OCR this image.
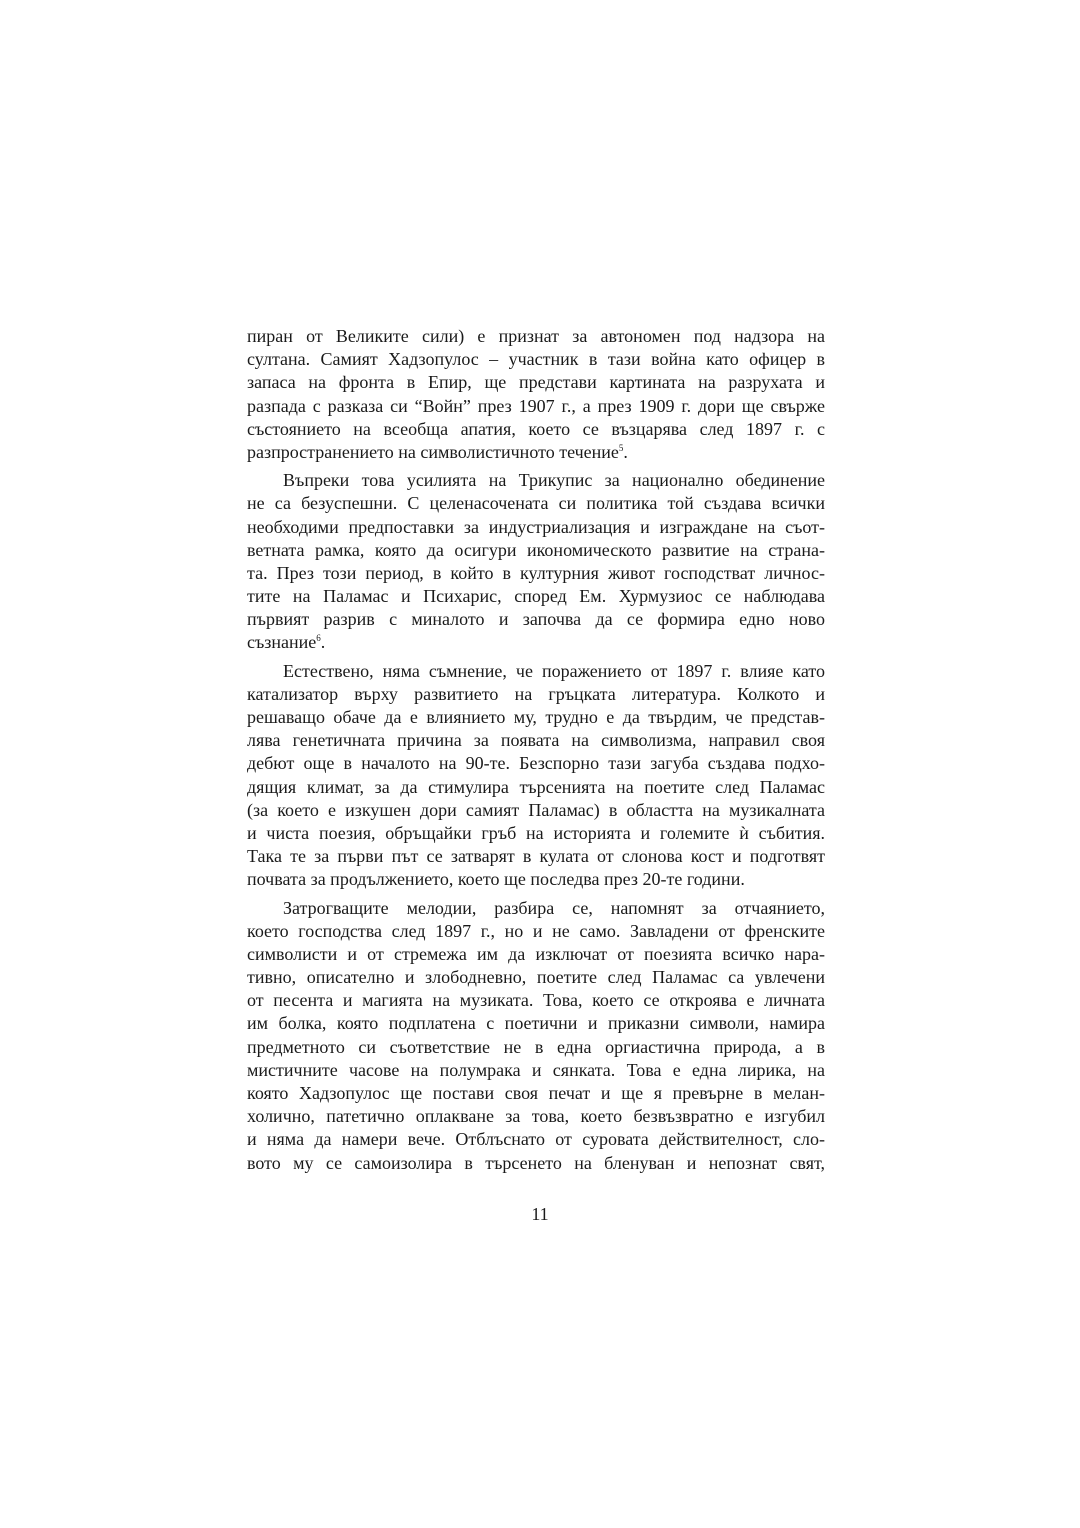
пиран от Великите сили) е признат за автономен под надзора на
султана. Самият Хадзопулос – участник в тази война като офицер в
запаса на фронта в Епир, ще представи картината на разрухата и
разпада с разказа си “Войн” през 1907 г., а през 1909 г. дори ще свърже
състоянието на всеобща апатия, което се възцарява след 1897 г. с
разпространението на символистичното течение$^5$.
Въпреки това усилията на Трикупис за национално обединение
не са безуспешни. С целенасочената си политика той създава всички
необходими предпоставки за индустриализация и изграждане на съот-
ветната рамка, която да осигури икономическото развитие на страна-
та. През този период, в който в културния живот господстват личнос-
тите на Паламас и Психарис, според Ем. Хурмузиос се наблюдава
първият разрив с миналото и започва да се формира едно ново
съзнание$^6$.
Естествено, няма съмнение, че поражението от 1897 г. влияе като
катализатор върху развитието на гръцката литература. Колкото и
решаващо обаче да е влиянието му, трудно е да твърдим, че представ-
лява генетичната причина за появата на символизма, направил своя
дебют още в началото на 90-те. Безспорно тази загуба създава подхо-
дящия климат, за да стимулира търсенията на поетите след Паламас
(за което е изкушен дори самият Паламас) в областта на музикалната
и чиста поезия, обръщайки гръб на историята и големите ѝ събития.
Така те за първи път се затварят в кулата от слонова кост и подготвят
почвата за продължението, което ще последва през 20-те години.
Затрогващите мелодии, разбира се, напомнят за отчаянието,
което господства след 1897 г., но и не само. Завладени от френските
символисти и от стремежа им да изключат от поезията всичко нара-
тивно, описателно и злободневно, поетите след Паламас са увлечени
от песента и магията на музиката. Това, което се откроява е личната
им болка, която подплатена с поетични и приказни символи, намира
предметното си съответствие не в една оргиастична природа, а в
мистичните часове на полумрака и сянката. Това е една лирика, на
която Хадзопулос ще постави своя печат и ще я превърне в мелан-
холично, патетично оплакване за това, което безвъзвратно е изгубил
и няма да намери вече. Отблъснато от суровата действителност, сло-
вото му се самоизолира в търсенето на бленуван и непознат свят,
11
